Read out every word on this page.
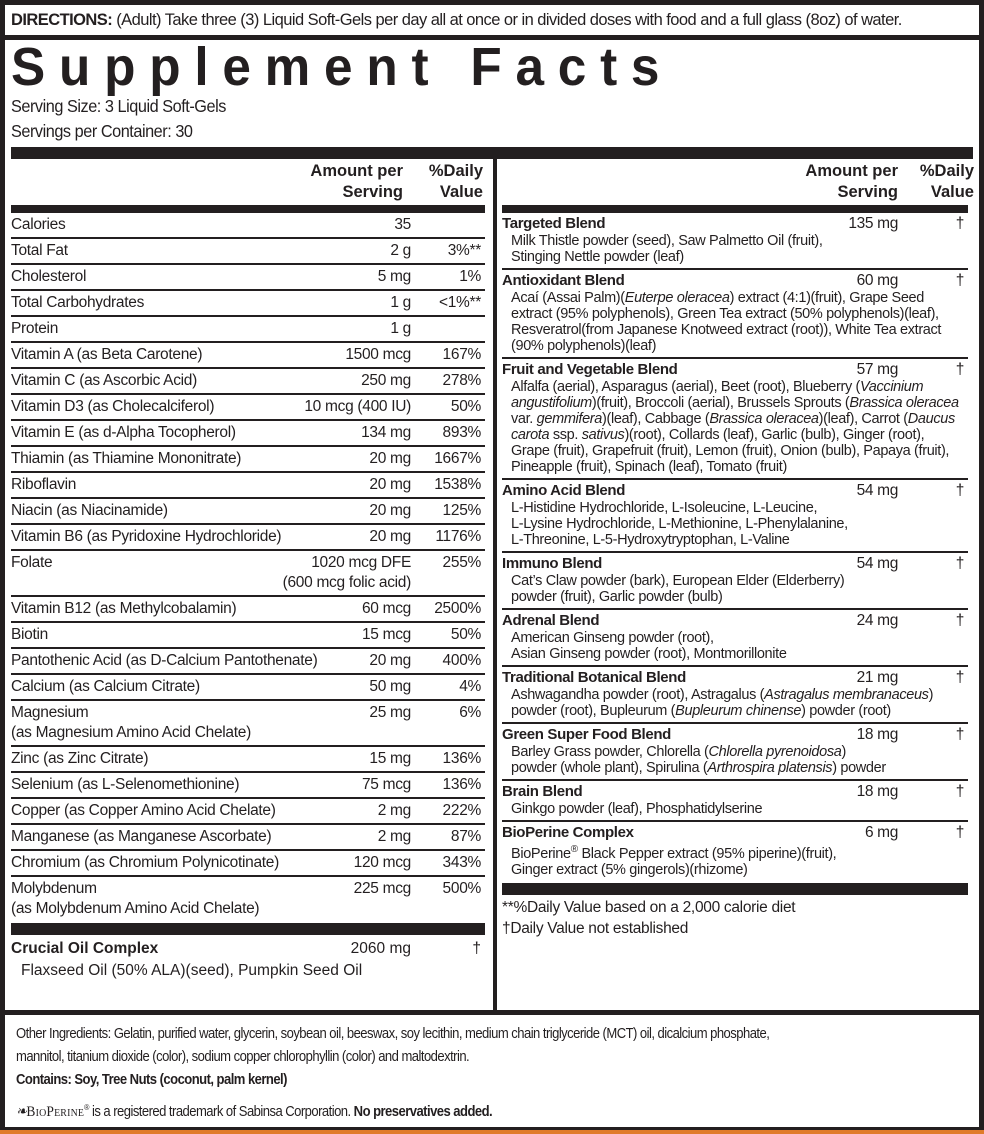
DIRECTIONS: (Adult) Take three (3) Liquid Soft-Gels per day all at once or in divided doses with food and a full glass (8oz) of water.
Supplement Facts
Serving Size: 3 Liquid Soft-Gels
Servings per Container: 30
Amount per
Serving
%Daily
Value
Calories	35
Total Fat	2 g 3%**
Cholesterol	5 mg	1%
Total Carbohydrates	1 g <1%**
Protein	1 g
Vitamin A (as Beta Carotene)	1500 mcg 167%
Vitamin C (as Ascorbic Acid)	250 mg 278%
Vitamin D3 (as Cholecalciferol)	10 mcg (400 IU)	50%
Vitamin E (as d-Alpha Tocopherol)	134 mg 893%
Thiamin (as Thiamine Mononitrate)	20 mg 1667%
Riboflavin	20 mg 1538%
Niacin (as Niacinamide)	20 mg 125%
Vitamin B6 (as Pyridoxine Hydrochloride)	20 mg 1176%
Folate	1020 mcg DFE
(600 mcg folic acid)
255%
Vitamin B12 (as Methylcobalamin)	60 mcg 2500%
Biotin	15 mcg	50%
Pantothenic Acid (as D-Calcium Pantothenate)	20 mg 400%
Calcium (as Calcium Citrate)	50 mg	4%
Magnesium
(as Magnesium Amino Acid Chelate)
25 mg	6%
Zinc (as Zinc Citrate)	15 mg 136%
Selenium (as L-Selenomethionine)	75 mcg 136%
Copper (as Copper Amino Acid Chelate)	2 mg 222%
Manganese (as Manganese Ascorbate)	2 mg	87%
Chromium (as Chromium Polynicotinate)	120 mcg 343%
Molybdenum
(as Molybdenum Amino Acid Chelate)
225 mcg 500%
Crucial Oil Complex	2060 mg	†
Flaxseed Oil (50% ALA)(seed), Pumpkin Seed Oil
Amount per
Serving
%Daily
Value
Targeted Blend	135 mg	†
Milk Thistle powder (seed), Saw Palmetto Oil (fruit),
Stinging Nettle powder (leaf)
Antioxidant Blend	60 mg	†
Acaí (Assai Palm)(Euterpe oleracea) extract (4:1)(fruit), Grape Seed extract (95% polyphenols), Green Tea extract (50% polyphenols)(leaf), Resveratrol(from Japanese Knotweed extract (root)), White Tea extract (90% polyphenols)(leaf)
Fruit and Vegetable Blend	57 mg	†
Alfalfa (aerial), Asparagus (aerial), Beet (root), Blueberry (Vaccinium angustifolium)(fruit), Broccoli (aerial), Brussels Sprouts (Brassica oleracea var. gemmifera)(leaf), Cabbage (Brassica oleracea)(leaf), Carrot (Daucus carota ssp. sativus)(root), Collards (leaf), Garlic (bulb), Ginger (root), Grape (fruit), Grapefruit (fruit), Lemon (fruit), Onion (bulb), Papaya (fruit), Pineapple (fruit), Spinach (leaf), Tomato (fruit)
Amino Acid Blend	54 mg	†
L-Histidine Hydrochloride, L-Isoleucine, L-Leucine,
L-Lysine Hydrochloride, L-Methionine, L-Phenylalanine,
L-Threonine, L-5-Hydroxytryptophan, L-Valine
Immuno Blend	54 mg	†
Cat’s Claw powder (bark), European Elder (Elderberry)
powder (fruit), Garlic powder (bulb)
Adrenal Blend	24 mg	†
American Ginseng powder (root),
Asian Ginseng powder (root), Montmorillonite
Traditional Botanical Blend	21 mg	†
Ashwagandha powder (root), Astragalus (Astragalus membranaceus)
powder (root), Bupleurum (Bupleurum chinense) powder (root)
Green Super Food Blend	18 mg	†
Barley Grass powder, Chlorella (Chlorella pyrenoidosa)
powder (whole plant), Spirulina (Arthrospira platensis) powder
Brain Blend	18 mg	†
Ginkgo powder (leaf), Phosphatidylserine
BioPerine Complex	6 mg	†
BioPerine® Black Pepper extract (95% piperine)(fruit),
Ginger extract (5% gingerols)(rhizome)
**%Daily Value based on a 2,000 calorie diet
†Daily Value not established
Other Ingredients: Gelatin, purified water, glycerin, soybean oil, beeswax, soy lecithin, medium chain triglyceride (MCT) oil, dicalcium phosphate,
mannitol, titanium dioxide (color), sodium copper chlorophyllin (color) and maltodextrin.
Contains: Soy, Tree Nuts (coconut, palm kernel)
❧BioPerine® is a registered trademark of Sabinsa Corporation. No preservatives added.
